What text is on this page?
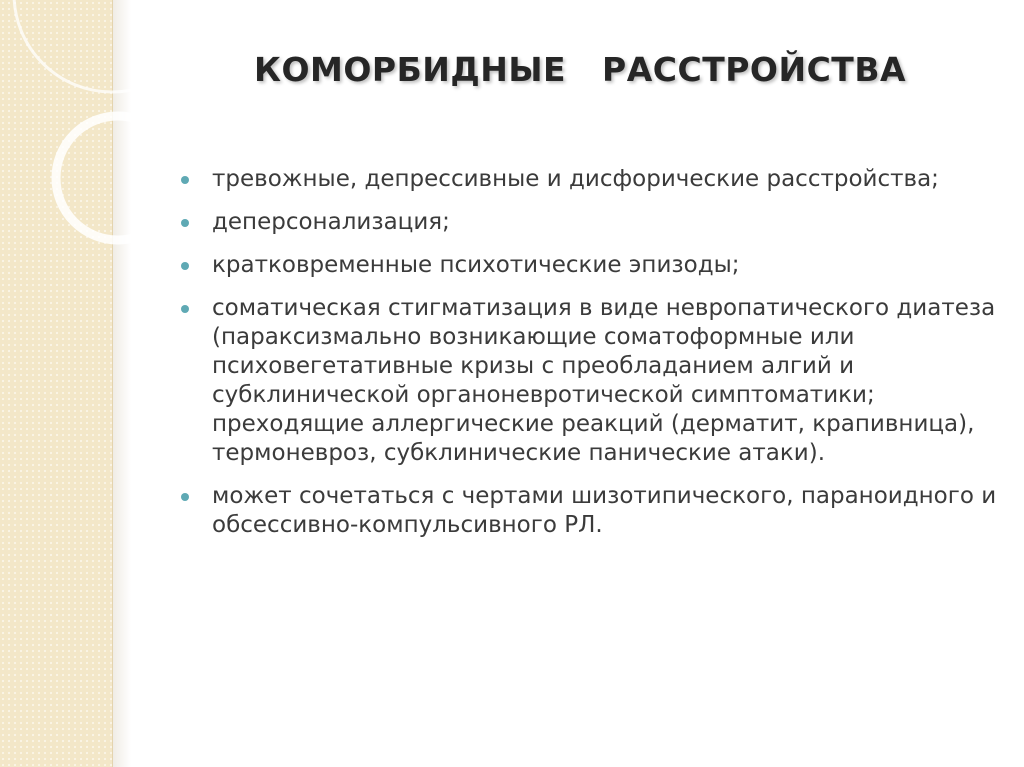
КОМОРБИДНЫЕ   РАССТРОЙСТВА
тревожные, депрессивные и дисфорические расстройства;
деперсонализация;
кратковременные психотические эпизоды;
соматическая стигматизация в виде невропатического диатеза (параксизмально возникающие соматоформные или психовегетативные кризы с преобладанием алгий и субклинической органоневротической симптоматики; преходящие аллергические реакций (дерматит, крапивница), термоневроз, субклинические панические атаки).
может сочетаться с чертами шизотипического, параноидного и обсессивно-компульсивного РЛ.
